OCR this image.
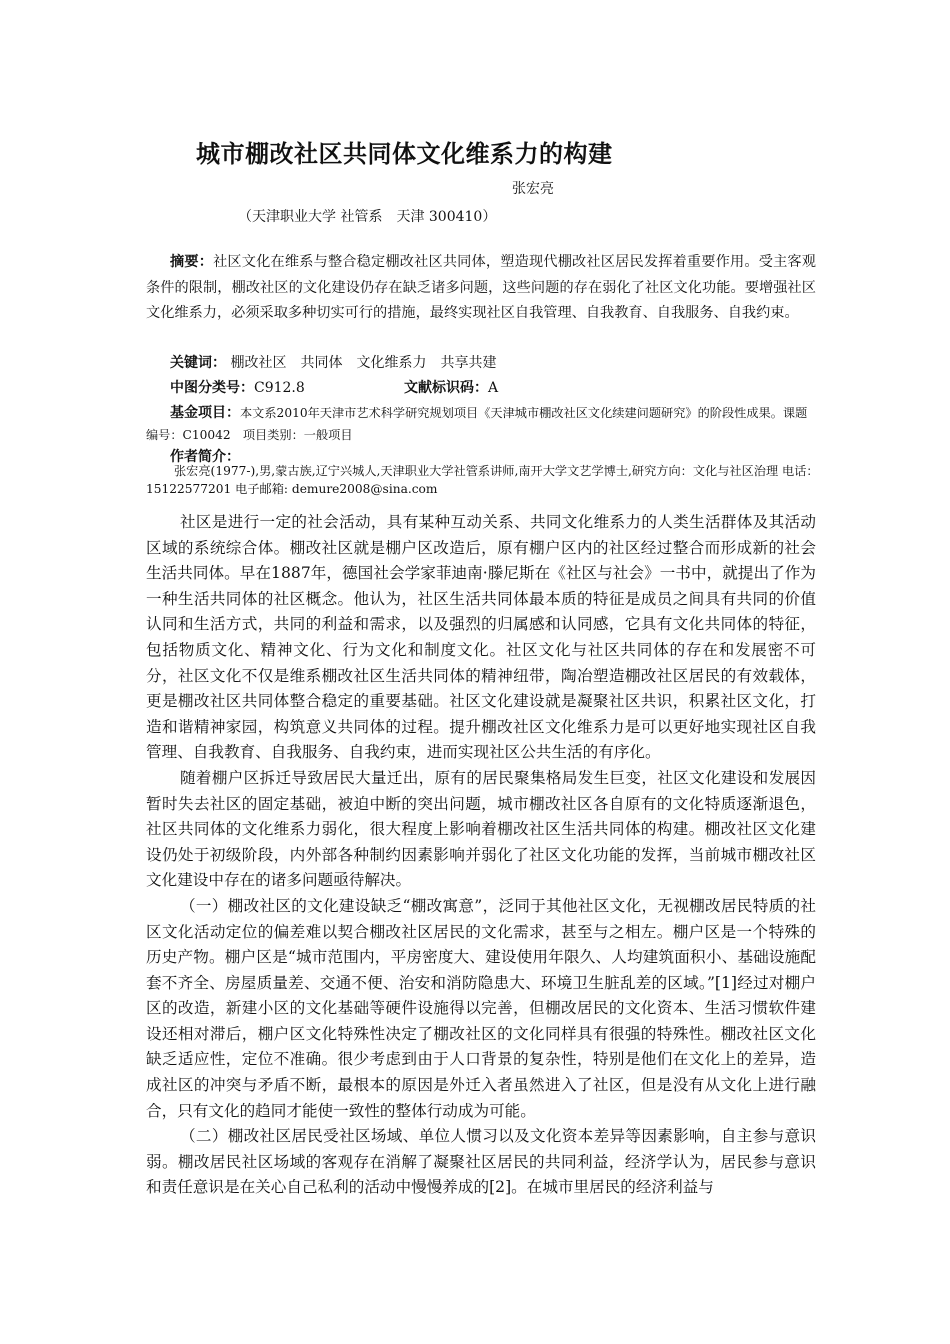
城市棚改社区共同体文化维系力的构建
张宏亮
（天津职业大学 社管系　天津 300410）
摘要：社区文化在维系与整合稳定棚改社区共同体，塑造现代棚改社区居民发挥着重要作用。受主客观条件的限制，棚改社区的文化建设仍存在缺乏诸多问题，这些问题的存在弱化了社区文化功能。要增强社区文化维系力，必须采取多种切实可行的措施，最终实现社区自我管理、自我教育、自我服务、自我约束。
关键词： 棚改社区　共同体　文化维系力　共享共建
中图分类号：C912.8	文献标识码：A
基金项目：本文系2010年天津市艺术科学研究规划项目《天津城市棚改社区文化续建问题研究》的阶段性成果。课题编号：C10042　项目类别：一般项目
作者简介：
张宏亮(1977-),男,蒙古族,辽宁兴城人,天津职业大学社管系讲师,南开大学文艺学博士,研究方向：文化与社区治理 电话：15122577201 电子邮箱: demure2008@sina.com

社区是进行一定的社会活动，具有某种互动关系、共同文化维系力的人类生活群体及其活动区域的系统综合体。棚改社区就是棚户区改造后，原有棚户区内的社区经过整合而形成新的社会生活共同体。早在1887年，德国社会学家菲迪南·滕尼斯在《社区与社会》一书中，就提出了作为一种生活共同体的社区概念。他认为，社区生活共同体最本质的特征是成员之间具有共同的价值认同和生活方式，共同的利益和需求，以及强烈的归属感和认同感，它具有文化共同体的特征，包括物质文化、精神文化、行为文化和制度文化。社区文化与社区共同体的存在和发展密不可分，社区文化不仅是维系棚改社区生活共同体的精神纽带，陶冶塑造棚改社区居民的有效载体，更是棚改社区共同体整合稳定的重要基础。社区文化建设就是凝聚社区共识，积累社区文化，打造和谐精神家园，构筑意义共同体的过程。提升棚改社区文化维系力是可以更好地实现社区自我管理、自我教育、自我服务、自我约束，进而实现社区公共生活的有序化。

随着棚户区拆迁导致居民大量迁出，原有的居民聚集格局发生巨变，社区文化建设和发展因暂时失去社区的固定基础，被迫中断的突出问题，城市棚改社区各自原有的文化特质逐渐退色，社区共同体的文化维系力弱化，很大程度上影响着棚改社区生活共同体的构建。棚改社区文化建设仍处于初级阶段，内外部各种制约因素影响并弱化了社区文化功能的发挥，当前城市棚改社区文化建设中存在的诸多问题亟待解决。

（一）棚改社区的文化建设缺乏“棚改寓意”，泛同于其他社区文化，无视棚改居民特质的社区文化活动定位的偏差难以契合棚改社区居民的文化需求，甚至与之相左。棚户区是一个特殊的历史产物。棚户区是“城市范围内，平房密度大、建设使用年限久、人均建筑面积小、基础设施配套不齐全、房屋质量差、交通不便、治安和消防隐患大、环境卫生脏乱差的区域。”[1]经过对棚户区的改造，新建小区的文化基础等硬件设施得以完善，但棚改居民的文化资本、生活习惯软件建设还相对滞后，棚户区文化特殊性决定了棚改社区的文化同样具有很强的特殊性。棚改社区文化缺乏适应性，定位不准确。很少考虑到由于人口背景的复杂性，特别是他们在文化上的差异，造成社区的冲突与矛盾不断，最根本的原因是外迁入者虽然进入了社区，但是没有从文化上进行融合，只有文化的趋同才能使一致性的整体行动成为可能。

（二）棚改社区居民受社区场域、单位人惯习以及文化资本差异等因素影响，自主参与意识弱。棚改居民社区场域的客观存在消解了凝聚社区居民的共同利益，经济学认为，居民参与意识和责任意识是在关心自己私利的活动中慢慢养成的[2]。在城市里居民的经济利益与
